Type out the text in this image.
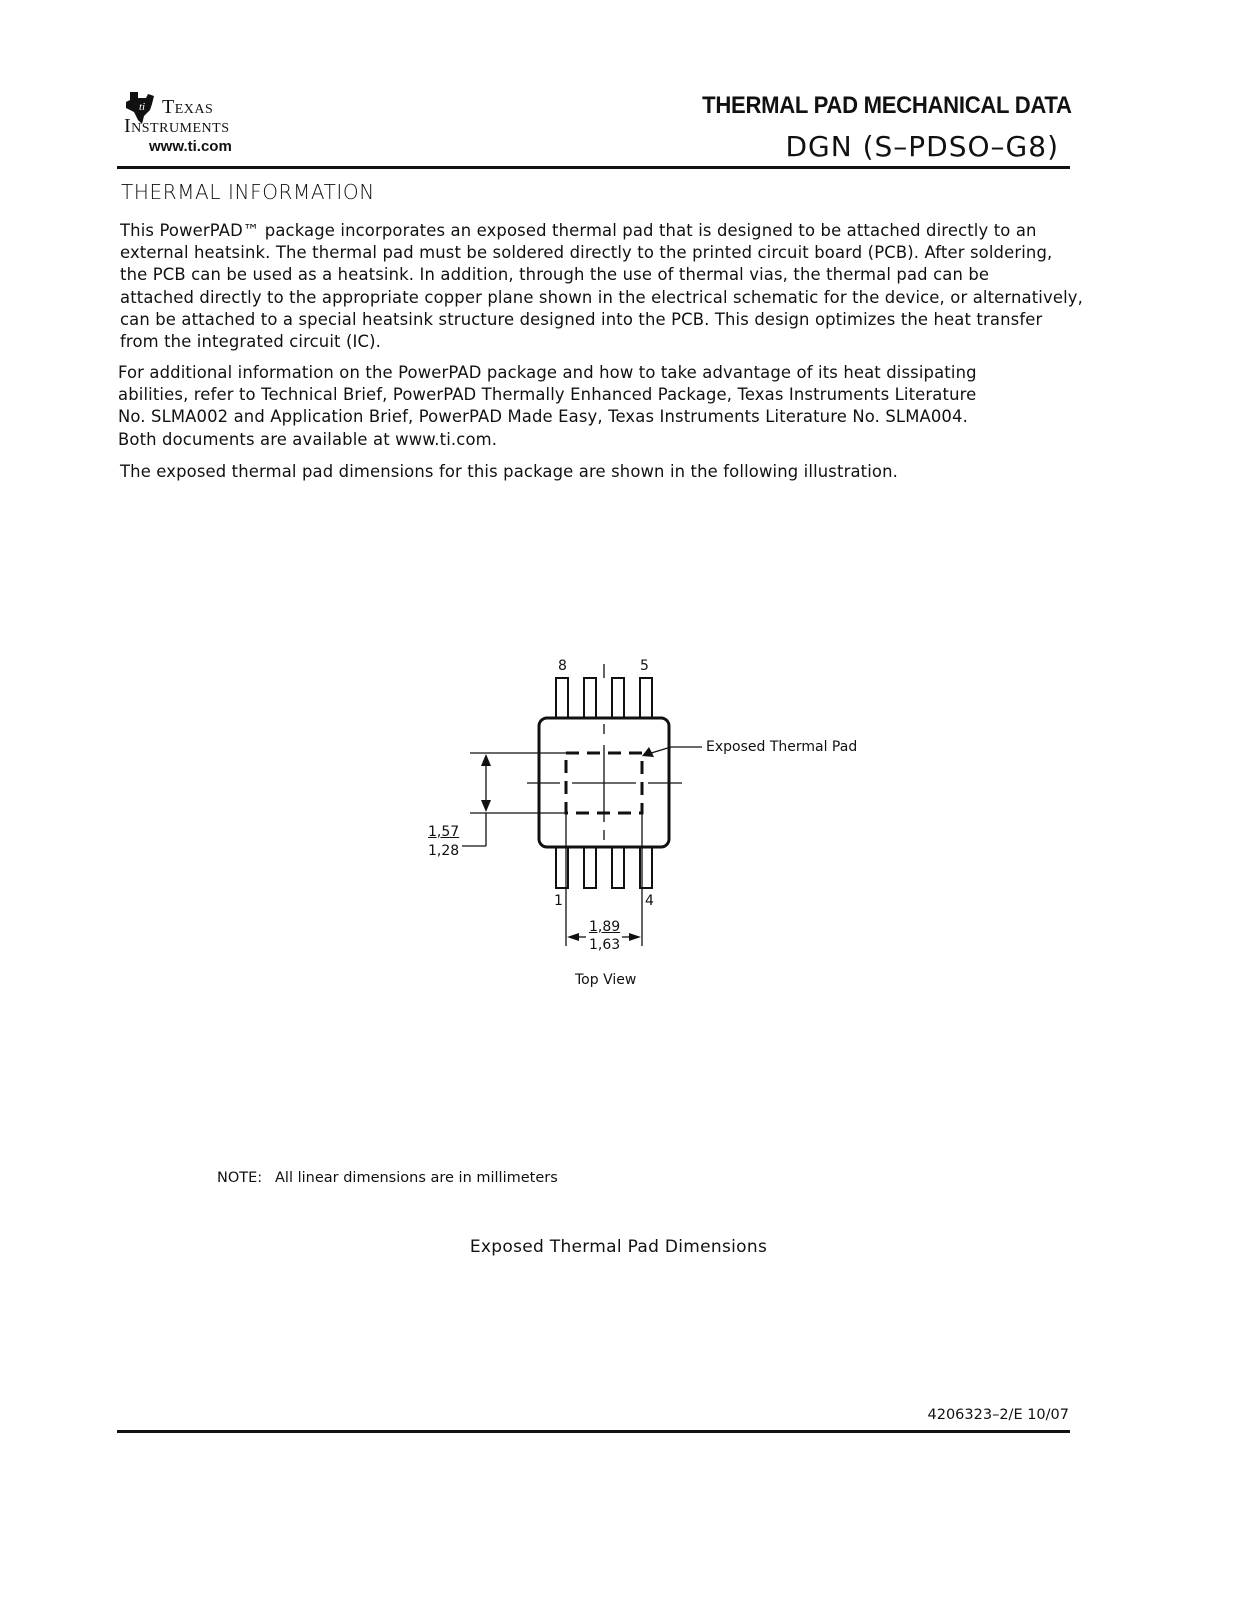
ti Texas
Instruments
www.ti.com
THERMAL PAD MECHANICAL DATA
DGN (S–PDSO–G8)
THERMAL INFORMATION
This PowerPAD™ package incorporates an exposed thermal pad that is designed to be attached directly to an
external heatsink. The thermal pad must be soldered directly to the printed circuit board (PCB). After soldering,
the PCB can be used as a heatsink. In addition, through the use of thermal vias, the thermal pad can be
attached directly to the appropriate copper plane shown in the electrical schematic for the device, or alternatively,
can be attached to a special heatsink structure designed into the PCB. This design optimizes the heat transfer
from the integrated circuit (IC).
For additional information on the PowerPAD package and how to take advantage of its heat dissipating
abilities, refer to Technical Brief, PowerPAD Thermally Enhanced Package, Texas Instruments Literature
No. SLMA002 and Application Brief, PowerPAD Made Easy, Texas Instruments Literature No. SLMA004.
Both documents are available at www.ti.com.
The exposed thermal pad dimensions for this package are shown in the following illustration.
8	5
1	4
Exposed Thermal Pad
1,57
1,28
1,89
1,63
Top View
NOTE: All linear dimensions are in millimeters
Exposed Thermal Pad Dimensions
4206323–2/E 10/07
